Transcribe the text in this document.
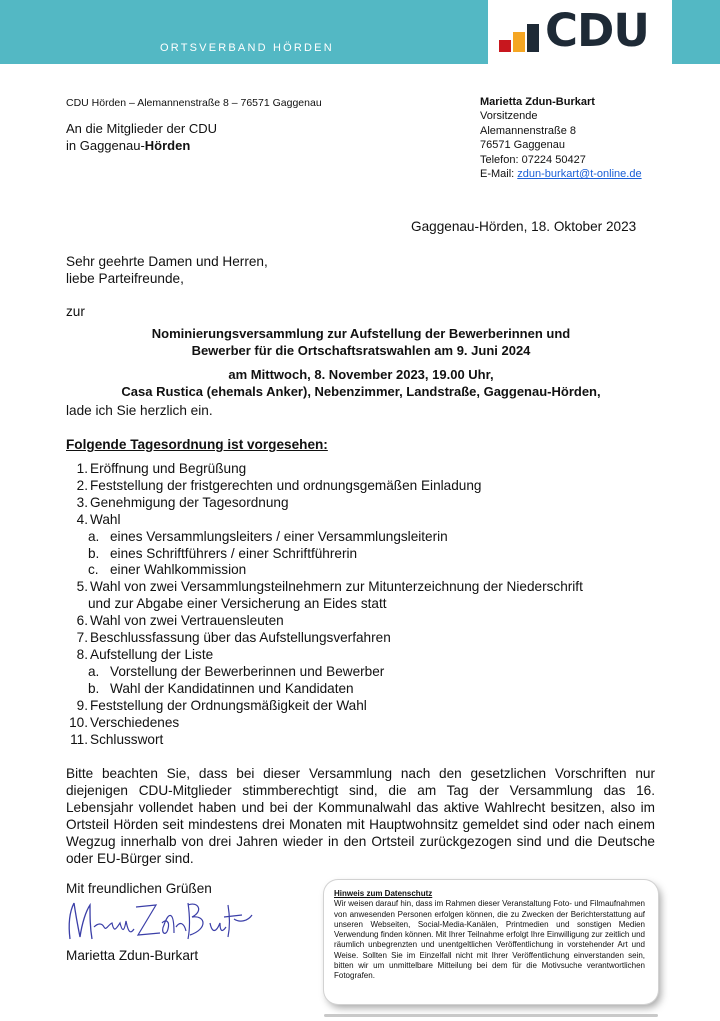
ORTSVERBAND HÖRDEN	CDU
CDU Hörden – Alemannenstraße 8 – 76571 Gaggenau
An die Mitglieder der CDU
in Gaggenau-Hörden
Marietta Zdun-Burkart
Vorsitzende
Alemannenstraße 8
76571 Gaggenau
Telefon: 07224 50427
E-Mail: zdun-burkart@t-online.de
Gaggenau-Hörden, 18. Oktober 2023
Sehr geehrte Damen und Herren,
liebe Parteifreunde,
zur
Nominierungsversammlung zur Aufstellung der Bewerberinnen und
Bewerber für die Ortschaftsratswahlen am 9. Juni 2024
am Mittwoch, 8. November 2023, 19.00 Uhr,
Casa Rustica (ehemals Anker), Nebenzimmer, Landstraße, Gaggenau-Hörden,
lade ich Sie herzlich ein.
Folgende Tagesordnung ist vorgesehen:
1. Eröffnung und Begrüßung
2. Feststellung der fristgerechten und ordnungsgemäßen Einladung
3. Genehmigung der Tagesordnung
4. Wahl
a. eines Versammlungsleiters / einer Versammlungsleiterin
b. eines Schriftführers / einer Schriftführerin
c. einer Wahlkommission
5. Wahl von zwei Versammlungsteilnehmern zur Mitunterzeichnung der Niederschrift
und zur Abgabe einer Versicherung an Eides statt
6. Wahl von zwei Vertrauensleuten
7. Beschlussfassung über das Aufstellungsverfahren
8. Aufstellung der Liste
a. Vorstellung der Bewerberinnen und Bewerber
b. Wahl der Kandidatinnen und Kandidaten
9. Feststellung der Ordnungsmäßigkeit der Wahl
10. Verschiedenes
11. Schlusswort
Bitte beachten Sie, dass bei dieser Versammlung nach den gesetzlichen Vorschriften nur diejenigen CDU-Mitglieder stimmberechtigt sind, die am Tag der Versammlung das 16. Lebensjahr vollendet haben und bei der Kommunalwahl das aktive Wahlrecht besitzen, also im Ortsteil Hörden seit mindestens drei Monaten mit Hauptwohnsitz gemeldet sind oder nach einem Wegzug innerhalb von drei Jahren wieder in den Ortsteil zurückgezogen sind und die Deutsche oder EU-Bürger sind.
Mit freundlichen Grüßen
Marietta Zdun-Burkart
Hinweis zum Datenschutz
Wir weisen darauf hin, dass im Rahmen dieser Veranstaltung Foto- und Filmaufnahmen von anwesenden Personen erfolgen können, die zu Zwecken der Berichterstattung auf unseren Webseiten, Social-Media-Kanälen, Printmedien und sonstigen Medien Verwendung finden können. Mit Ihrer Teilnahme erfolgt Ihre Einwilligung zur zeitlich und räumlich unbegrenzten und unentgeltlichen Veröffentlichung in vorstehender Art und Weise. Sollten Sie im Einzelfall nicht mit Ihrer Veröffentlichung einverstanden sein, bitten wir um unmittelbare Mitteilung bei dem für die Motivsuche verantwortlichen Fotografen.
